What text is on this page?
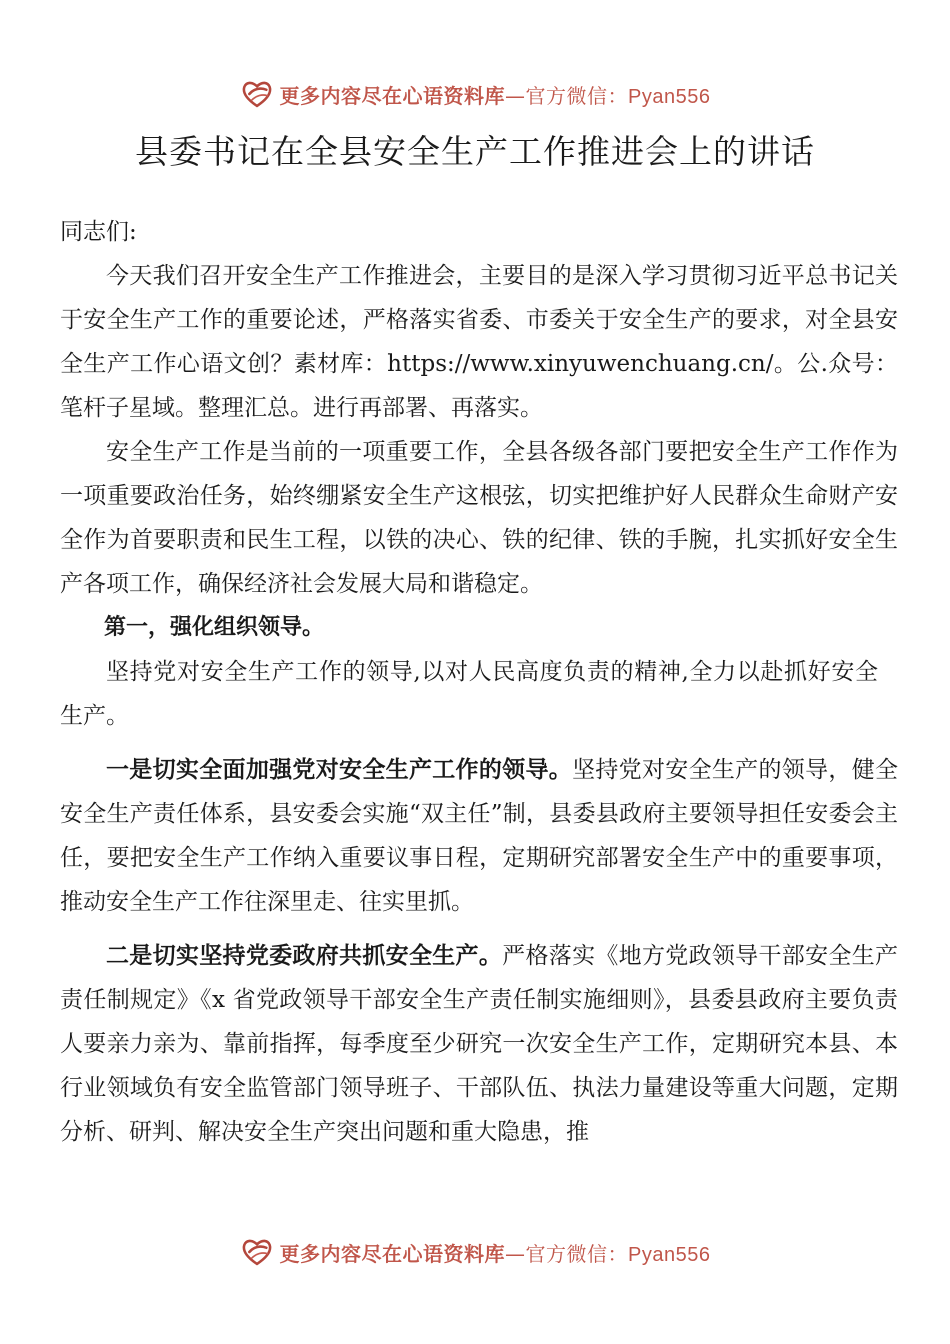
更多内容尽在心语资料库—官方微信：Pyan556
县委书记在全县安全生产工作推进会上的讲话

同志们:

今天我们召开安全生产工作推进会，主要目的是深入学习贯彻习近平总书记关于安全生产工作的重要论述，严格落实省委、市委关于安全生产的要求，对全县安全生产工作心语文创？素材库：https://www.xinyuwenchuang.cn/。公.众号：笔杆子星域。整理汇总。进行再部署、再落实。

安全生产工作是当前的一项重要工作，全县各级各部门要把安全生产工作作为一项重要政治任务，始终绷紧安全生产这根弦，切实把维护好人民群众生命财产安全作为首要职责和民生工程，以铁的决心、铁的纪律、铁的手腕，扎实抓好安全生产各项工作，确保经济社会发展大局和谐稳定。

第一，强化组织领导。

坚持党对安全生产工作的领导,以对人民高度负责的精神,全力以赴抓好安全生产。

一是切实全面加强党对安全生产工作的领导。坚持党对安全生产的领导，健全安全生产责任体系，县安委会实施“双主任”制，县委县政府主要领导担任安委会主任，要把安全生产工作纳入重要议事日程，定期研究部署安全生产中的重要事项，推动安全生产工作往深里走、往实里抓。

二是切实坚持党委政府共抓安全生产。严格落实《地方党政领导干部安全生产责任制规定》《x 省党政领导干部安全生产责任制实施细则》，县委县政府主要负责人要亲力亲为、靠前指挥，每季度至少研究一次安全生产工作，定期研究本县、本行业领域负有安全监管部门领导班子、干部队伍、执法力量建设等重大问题，定期分析、研判、解决安全生产突出问题和重大隐患，推

更多内容尽在心语资料库—官方微信：Pyan556
